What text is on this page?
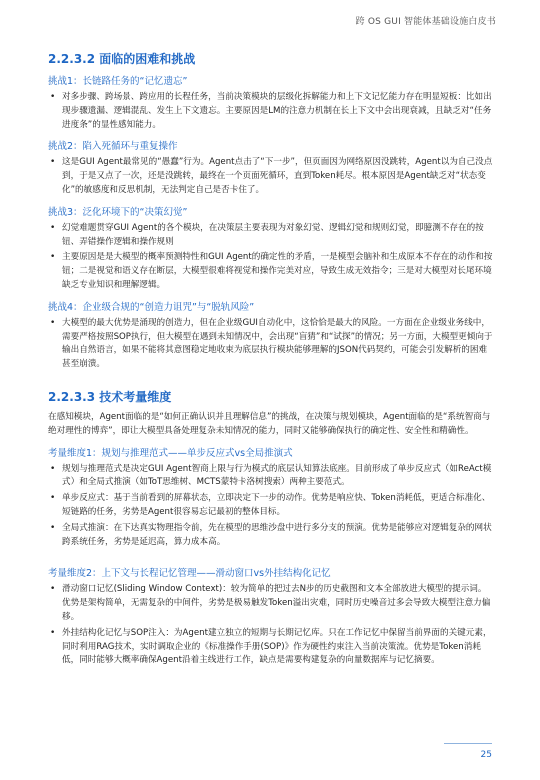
跨 OS GUI 智能体基础设施白皮书
2.2.3.2 面临的困难和挑战
挑战1：长链路任务的“记忆遗忘”
• 对多步骤、跨场景、跨应用的长程任务，当前决策模块的层级化拆解能力和上下文记忆能力存在明显短板：比如出现步骤遗漏、逻辑混乱、发生上下文遗忘。主要原因是LM的注意力机制在长上下文中会出现衰减，且缺乏对“任务进度条”的显性感知能力。
挑战2：陷入死循环与重复操作
• 这是GUI Agent最常见的“愚蠢”行为。Agent点击了“下一步”，但页面因为网络原因没跳转，Agent以为自己没点到，于是又点了一次，还是没跳转，最终在一个页面死循环，直到Token耗尽。根本原因是Agent缺乏对“状态变化”的敏感度和反思机制，无法判定自己是否卡住了。
挑战3：泛化环境下的“决策幻觉”
• 幻觉难题贯穿GUI Agent的各个模块，在决策层主要表现为对象幻觉、逻辑幻觉和规则幻觉，即臆测不存在的按钮、弄错操作逻辑和操作规则
• 主要原因是是大模型的概率预测特性和GUI Agent的确定性的矛盾，一是模型会脑补和生成原本不存在的动作和按钮；二是视觉和语义存在断层，大模型很难将视觉和操作完美对应，导致生成无效指令；三是对大模型对长尾环境缺乏专业知识和理解逻辑。
挑战4：企业级合规的“创造力诅咒”与“脱轨风险”
• 大模型的最大优势是涌现的创造力，但在企业级GUI自动化中，这恰恰是最大的风险。一方面在企业级业务线中，需要严格按照SOP执行，但大模型在遇到未知情况中，会出现“盲猜”和“试探”的情况；另一方面，大模型更倾向于输出自然语言，如果不能将其意图稳定地收束为底层执行模块能够理解的JSON代码契约，可能会引发解析的困难甚至崩溃。
2.2.3.3 技术考量维度

在感知模块，Agent面临的是“如何正确认识并且理解信息”的挑战，在决策与规划模块，Agent面临的是“系统智商与绝对理性的博弈”，即让大模型具备处理复杂未知情况的能力，同时又能够确保执行的确定性、安全性和精确性。

考量维度1：规划与推理范式——单步反应式vs全局推演式
• 规划与推理范式是决定GUI Agent智商上限与行为模式的底层认知算法底座。目前形成了单步反应式（如ReAct模式）和全局式推演（如ToT思维树、MCTS蒙特卡洛树搜索）两种主要范式。
• 单步反应式：基于当前看到的屏幕状态，立即决定下一步的动作。优势是响应快、Token消耗低，更适合标准化、短链路的任务，劣势是Agent很容易忘记最初的整体目标。
• 全局式推演：在下达真实物理指令前，先在模型的思维沙盘中进行多分支的预演。优势是能够应对逻辑复杂的网状跨系统任务，劣势是延迟高，算力成本高。
考量维度2：上下文与长程记忆管理——滑动窗口vs外挂结构化记忆
• 滑动窗口记忆(Sliding Window Context)：较为简单的把过去N步的历史截图和文本全部放进大模型的提示词。优势是架构简单，无需复杂的中间件，劣势是极易触发Token溢出灾难，同时历史噪音过多会导致大模型注意力偏移。
• 外挂结构化记忆与SOP注入：为Agent建立独立的短期与长期记忆库。只在工作记忆中保留当前界面的关键元素，同时利用RAG技术，实时调取企业的《标准操作手册(SOP)》作为硬性约束注入当前决策流。优势是Token消耗低，同时能够大概率确保Agent沿着主线进行工作，缺点是需要构建复杂的向量数据库与记忆摘要。
25
